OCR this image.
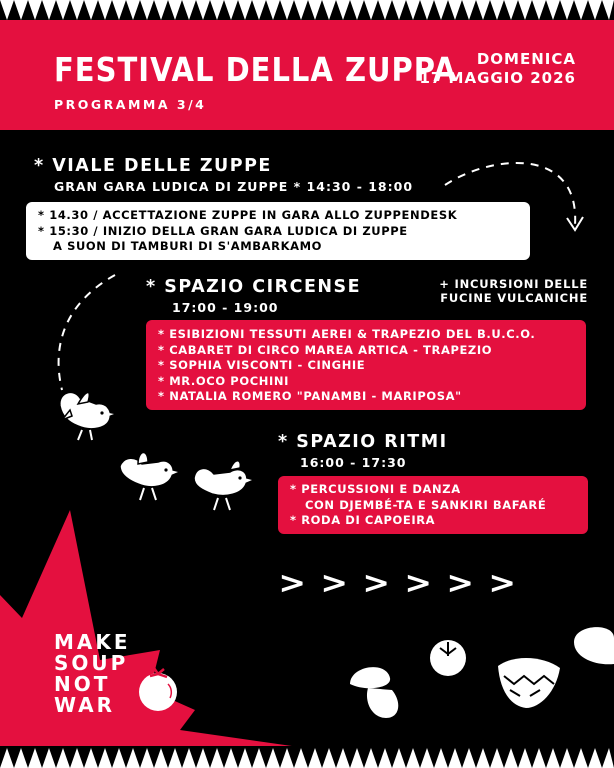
FESTIVAL DELLA ZUPPA
PROGRAMMA 3/4
DOMENICA
17 MAGGIO 2026
* VIALE DELLE ZUPPE
GRAN GARA LUDICA DI ZUPPE * 14:30 - 18:00
* 14.30 / ACCETTAZIONE ZUPPE IN GARA ALLO ZUPPENDESK
* 15:30 / INIZIO DELLA GRAN GARA LUDICA DI ZUPPE
A SUON DI TAMBURI DI S'AMBARKAMO
+ INCURSIONI DELLE
FUCINE VULCANICHE
* SPAZIO CIRCENSE
17:00 - 19:00
* ESIBIZIONI TESSUTI AEREI & TRAPEZIO DEL B.U.C.O.
* CABARET DI CIRCO MAREA ARTICA - TRAPEZIO
* SOPHIA VISCONTI - CINGHIE
* MR.OCO POCHINI
* NATALIA ROMERO "PANAMBI - MARIPOSA"
* SPAZIO RITMI
16:00 - 17:30
* PERCUSSIONI E DANZA
CON DJEMBÉ-TA E SANKIRI BAFARÉ
* RODA DI CAPOEIRA
> > > > > >
MAKE
SOUP
NOT
WAR
